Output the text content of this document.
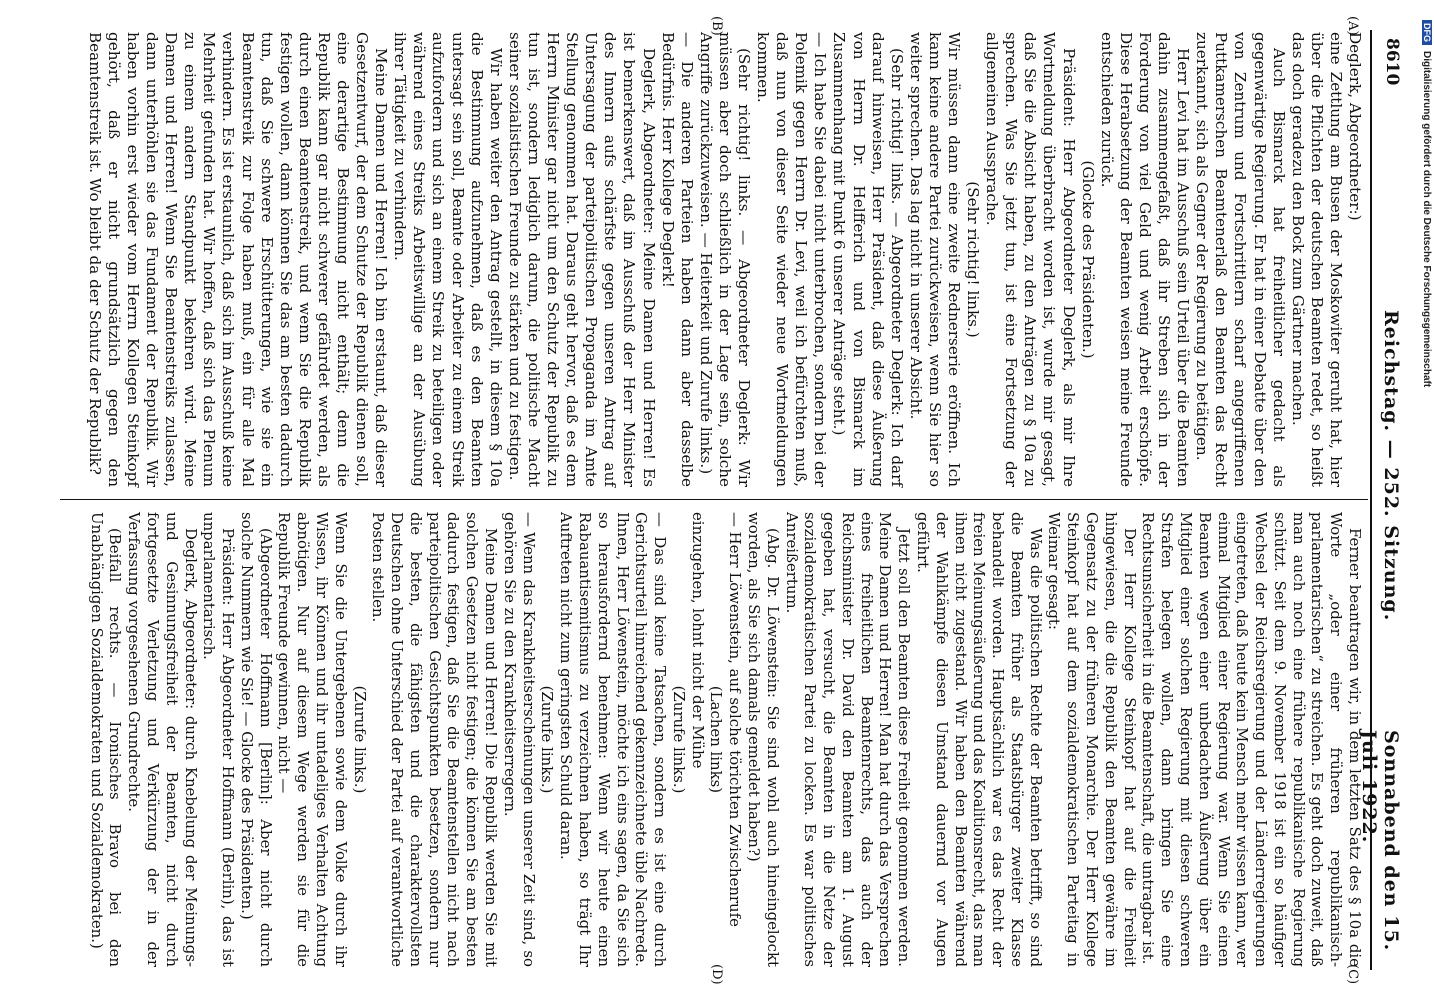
8610
Reichstag. — 252. Sitzung.
Sonnabend den 15. Juli 1922.
(A)
(B)
(C)
(D)

Deglerk, Abgeordneter:)

eine Zettlung am Busen der Moskowiter geruht hat, hier über die Pflichten der deutschen Beamten redet, so heißt das doch geradezu den Bock zum Gärtner machen.

Auch Bismarck hat freiheitlicher gedacht als gegenwärtige Regierung. Er hat in einer Debatte über den von Zentrum und Fortschrittlern scharf angegriffenen Puttkamerschen Beamtenerlaß den Beamten das Recht zuerkannt, sich als Gegner der Regierung zu betätigen.

Herr Levi hat im Ausschuß sein Urteil über die Beamten dahin zusammengefaßt, daß ihr Streben sich in der Forderung von viel Geld und wenig Arbeit erschöpfe. Diese Herabsetzung der Beamten weisen meine Freunde entschieden zurück.

(Glocke des Präsidenten.)

Präsident: Herr Abgeordneter Deglerk, als mir Ihre Wortmeldung überbracht worden ist, wurde mir gesagt, daß Sie die Absicht haben, zu den Anträgen zu § 10a zu sprechen. Was Sie jetzt tun, ist eine Fortsetzung der allgemeinen Aussprache.

(Sehr richtig! links.)

Wir müssen dann eine zweite Rednerserie eröffnen. Ich kann keine andere Partei zurückweisen, wenn Sie hier so weiter sprechen. Das lag nicht in unserer Absicht.

(Sehr richtig! links. — Abgeordneter Deglerk: Ich darf darauf hinweisen, Herr Präsident, daß diese Äußerung von Herrn Dr. Helfferich und von Bismarck im Zusammenhang mit Punkt 6 unserer Anträge steht.)

— Ich habe Sie dabei nicht unterbrochen, sondern bei der Polemik gegen Herrn Dr. Levi, weil ich befürchten muß, daß nun von dieser Seite wieder neue Wortmeldungen kommen.

(Sehr richtig! links. — Abgeordneter Deglerk: Wir müssen aber doch schließlich in der Lage sein, solche Angriffe zurückzuweisen. — Heiterkeit und Zurufe links.)

— Die anderen Parteien haben dann aber dasselbe Bedürfnis. Herr Kollege Deglerk!

Deglerk, Abgeordneter: Meine Damen und Herren! Es ist bemerkenswert, daß im Ausschuß der Herr Minister des Innern aufs schärfste gegen unseren Antrag auf Untersagung der parteipolitischen Propaganda im Amte Stellung genommen hat. Daraus geht hervor, daß es dem Herrn Minister gar nicht um den Schutz der Republik zu tun ist, sondern lediglich darum, die politische Macht seiner sozialistischen Freunde zu stärken und zu festigen.

Wir haben weiter den Antrag gestellt, in diesem § 10a die Bestimmung aufzunehmen, daß es den Beamten untersagt sein soll, Beamte oder Arbeiter zu einem Streik aufzufordern und sich an einem Streik zu beteiligen oder während eines Streiks Arbeitswillige an der Ausübung ihrer Tätigkeit zu verhindern.

Meine Damen und Herren! Ich bin erstaunt, daß dieser Gesetzentwurf, der dem Schutze der Republik dienen soll, eine derartige Bestimmung nicht enthält; denn die Republik kann gar nicht schwerer gefährdet werden, als durch einen Beamtenstreik, und wenn Sie die Republik festigen wollen, dann können Sie das am besten dadurch tun, daß Sie schwere Erschütterungen, wie sie ein Beamtenstreik zur Folge haben muß, ein für alle Mal verhindern. Es ist erstaunlich, daß sich im Ausschuß keine Mehrheit gefunden hat. Wir hoffen, daß sich das Plenum zu einem andern Standpunkt bekehren wird. Meine Damen und Herren! Wenn Sie Beamtenstreiks zulassen, dann unterhöhlen sie das Fundament der Republik. Wir haben vorhin erst wieder vom Herrn Kollegen Steinkopf gehört, daß er nicht grundsätzlich gegen den Beamtenstreik ist. Wo bleibt da der Schutz der Republik?

Ferner beantragen wir, in dem letzten Satz des § 10a die Worte „oder einer früheren republikanisch-parlamentarischen“ zu streichen. Es geht doch zuweit, daß man auch noch eine frühere republikanische Regierung schützt. Seit dem 9. November 1918 ist ein so häufiger Wechsel der Reichsregierung und der Länderregierungen eingetreten, daß heute kein Mensch mehr wissen kann, wer einmal Mitglied einer Regierung war. Wenn Sie einen Beamten wegen einer unbedachten Äußerung über ein Mitglied einer solchen Regierung mit diesen schweren Strafen belegen wollen, dann bringen Sie eine Rechtsunsicherheit in die Beamtenschaft, die untragbar ist.

Der Herr Kollege Steinkopf hat auf die Freiheit hingewiesen, die die Republik den Beamten gewähre im Gegensatz zu der früheren Monarchie. Der Herr Kollege Steinkopf hat auf dem sozialdemokratischen Parteitag in Weimar gesagt:

Was die politischen Rechte der Beamten betrifft, so sind die Beamten früher als Staatsbürger zweiter Klasse behandelt worden. Hauptsächlich war es das Recht der freien Meinungsäußerung und das Koalitionsrecht, das man ihnen nicht zugestand. Wir haben den Beamten während der Wahlkämpfe diesen Umstand dauernd vor Augen geführt.

Jetzt soll den Beamten diese Freiheit genommen werden. Meine Damen und Herren! Man hat durch das Versprechen eines freiheitlichen Beamtenrechts, das auch der Reichsminister Dr. David den Beamten am 1. August gegeben hat, versucht, die Beamten in die Netze der sozialdemokratischen Partei zu locken. Es war politisches Anreißertum.

(Abg. Dr. Löwenstein: Sie sind wohl auch hineingelockt worden, als Sie sich damals gemeldet haben?)

— Herr Löwenstein, auf solche törichten Zwischenrufe

(Lachen links)

einzugehen, lohnt nicht der Mühe

(Zurufe links.)

— Das sind keine Tatsachen, sondern es ist eine durch Gerichtsurteil hinreichend gekennzeichnete üble Nachrede. Ihnen, Herr Löwenstein, möchte ich eins sagen, da Sie sich so herausfordernd benehmen: Wenn wir heute einen Rabauantisemitismus zu verzeichnen haben, so trägt Ihr Auftreten nicht zum geringsten Schuld daran.

(Zurufe links.)

— Wenn das Krankheitserscheinungen unserer Zeit sind, so gehören Sie zu den Krankheitserregern.

Meine Damen und Herren! Die Republik werden Sie mit solchen Gesetzen nicht festigen; die können Sie am besten dadurch festigen, daß Sie die Beamtenstellen nicht nach parteipolitischen Gesichtspunkten besetzen, sondern nur die besten, die fähigsten und die charaktervollsten Deutschen ohne Unterschied der Partei auf verantwortliche Posten stellen.

(Zurufe links.)

Wenn Sie die Untergebenen sowie dem Volke durch ihr Wissen, ihr Können und ihr untadeliges Verhalten Achtung abnötigen. Nur auf diesem Wege werden sie für die Republik Freunde gewinnen, nicht —

(Abgeordneter Hoffmann [Berlin]: Aber nicht durch solche Nummern wie Sie! — Glocke des Präsidenten.)

Präsident: Herr Abgeordneter Hoffmann (Berlin), das ist unparlamentarisch.

Deglerk, Abgeordneter: durch Knebelung der Meinungs- und Gesinnungsfreiheit der Beamten, nicht durch fortgesetzte Verletzung und Verkürzung der in der Verfassung vorgesehenen Grundrechte.

(Beifall rechts. — Ironisches Bravo bei den Unabhängigen Sozialdemokraten und Sozialdemokraten.)

DFGDigitalisierung gefördert durch die Deutsche Forschungsgemeinschaft
